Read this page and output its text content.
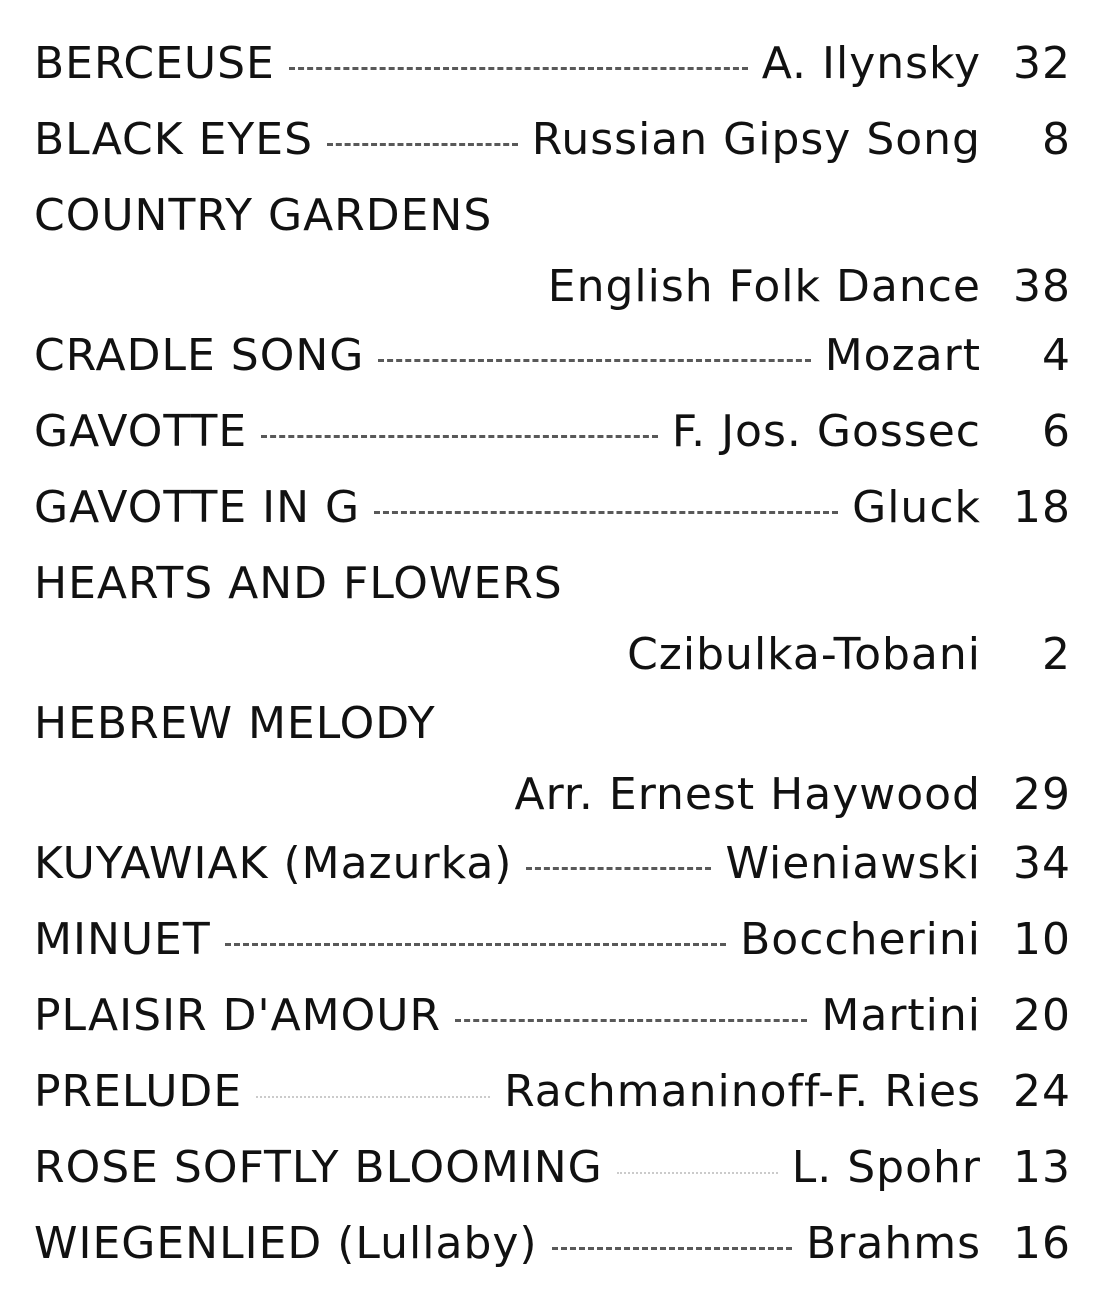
BERCEUSE	A. Ilynsky 32
BLACK EYES	Russian Gipsy Song	8
COUNTRY GARDENS
English Folk Dance 38
CRADLE SONG	Mozart	4
GAVOTTE	F. Jos. Gossec	6
GAVOTTE IN G	Gluck 18
HEARTS AND FLOWERS
Czibulka-Tobani	2
HEBREW MELODY
Arr. Ernest Haywood 29
KUYAWIAK (Mazurka)	Wieniawski 34
MINUET	Boccherini 10
PLAISIR D'AMOUR	Martini 20
PRELUDE	Rachmaninoff-F. Ries 24
ROSE SOFTLY BLOOMING	L. Spohr 13
WIEGENLIED (Lullaby)	Brahms 16
